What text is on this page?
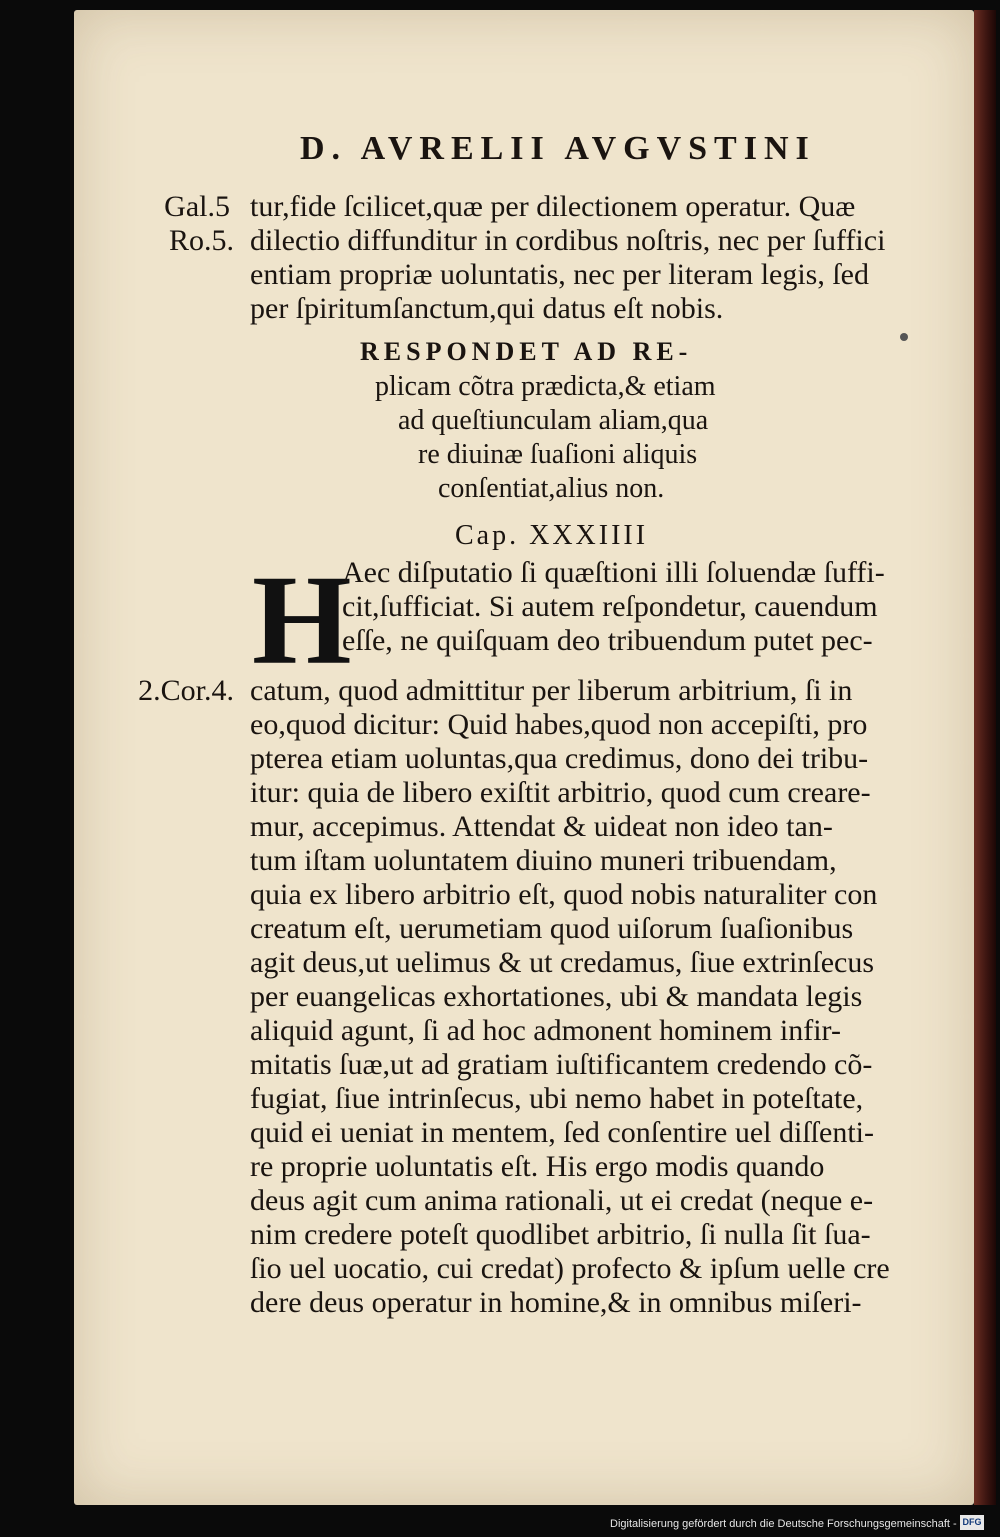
D. AVRELII AVGVSTINI
Gal.5
Ro.5.
2.Cor.4.
tur,fide ſcilicet,quæ per dilectionem operatur. Quæ
dilectio diffunditur in cordibus noſtris, nec per ſuffici
entiam propriæ uoluntatis, nec per literam legis, ſed
per ſpiritumſanctum,qui datus eſt nobis.
RESPONDET AD RE-
plicam cõtra prædicta,& etiam
ad queſtiunculam aliam,qua
re diuinæ ſuaſioni aliquis
conſentiat,alius non.
Cap. XXXIIII
H
Aec diſputatio ſi quæſtioni illi ſoluendæ ſuffi-
cit,ſufficiat. Si autem reſpondetur, cauendum
eſſe, ne quiſquam deo tribuendum putet pec-
catum, quod admittitur per liberum arbitrium, ſi in
eo,quod dicitur: Quid habes,quod non accepiſti, pro
pterea etiam uoluntas,qua credimus, dono dei tribu-
itur: quia de libero exiſtit arbitrio, quod cum creare-
mur, accepimus. Attendat & uideat non ideo tan-
tum iſtam uoluntatem diuino muneri tribuendam,
quia ex libero arbitrio eſt, quod nobis naturaliter con
creatum eſt, uerumetiam quod uiſorum ſuaſionibus
agit deus,ut uelimus & ut credamus, ſiue extrinſecus
per euangelicas exhortationes, ubi & mandata legis
aliquid agunt, ſi ad hoc admonent hominem infir-
mitatis ſuæ,ut ad gratiam iuſtificantem credendo cõ-
fugiat, ſiue intrinſecus, ubi nemo habet in poteſtate,
quid ei ueniat in mentem, ſed conſentire uel diſſenti-
re proprie uoluntatis eſt. His ergo modis quando
deus agit cum anima rationali, ut ei credat (neque e-
nim credere poteſt quodlibet arbitrio, ſi nulla ſit ſua-
ſio uel uocatio, cui credat) profecto & ipſum uelle cre
dere deus operatur in homine,& in omnibus miſeri-
Digitalisierung gefördert durch die Deutsche Forschungsgemeinschaft - DFG
